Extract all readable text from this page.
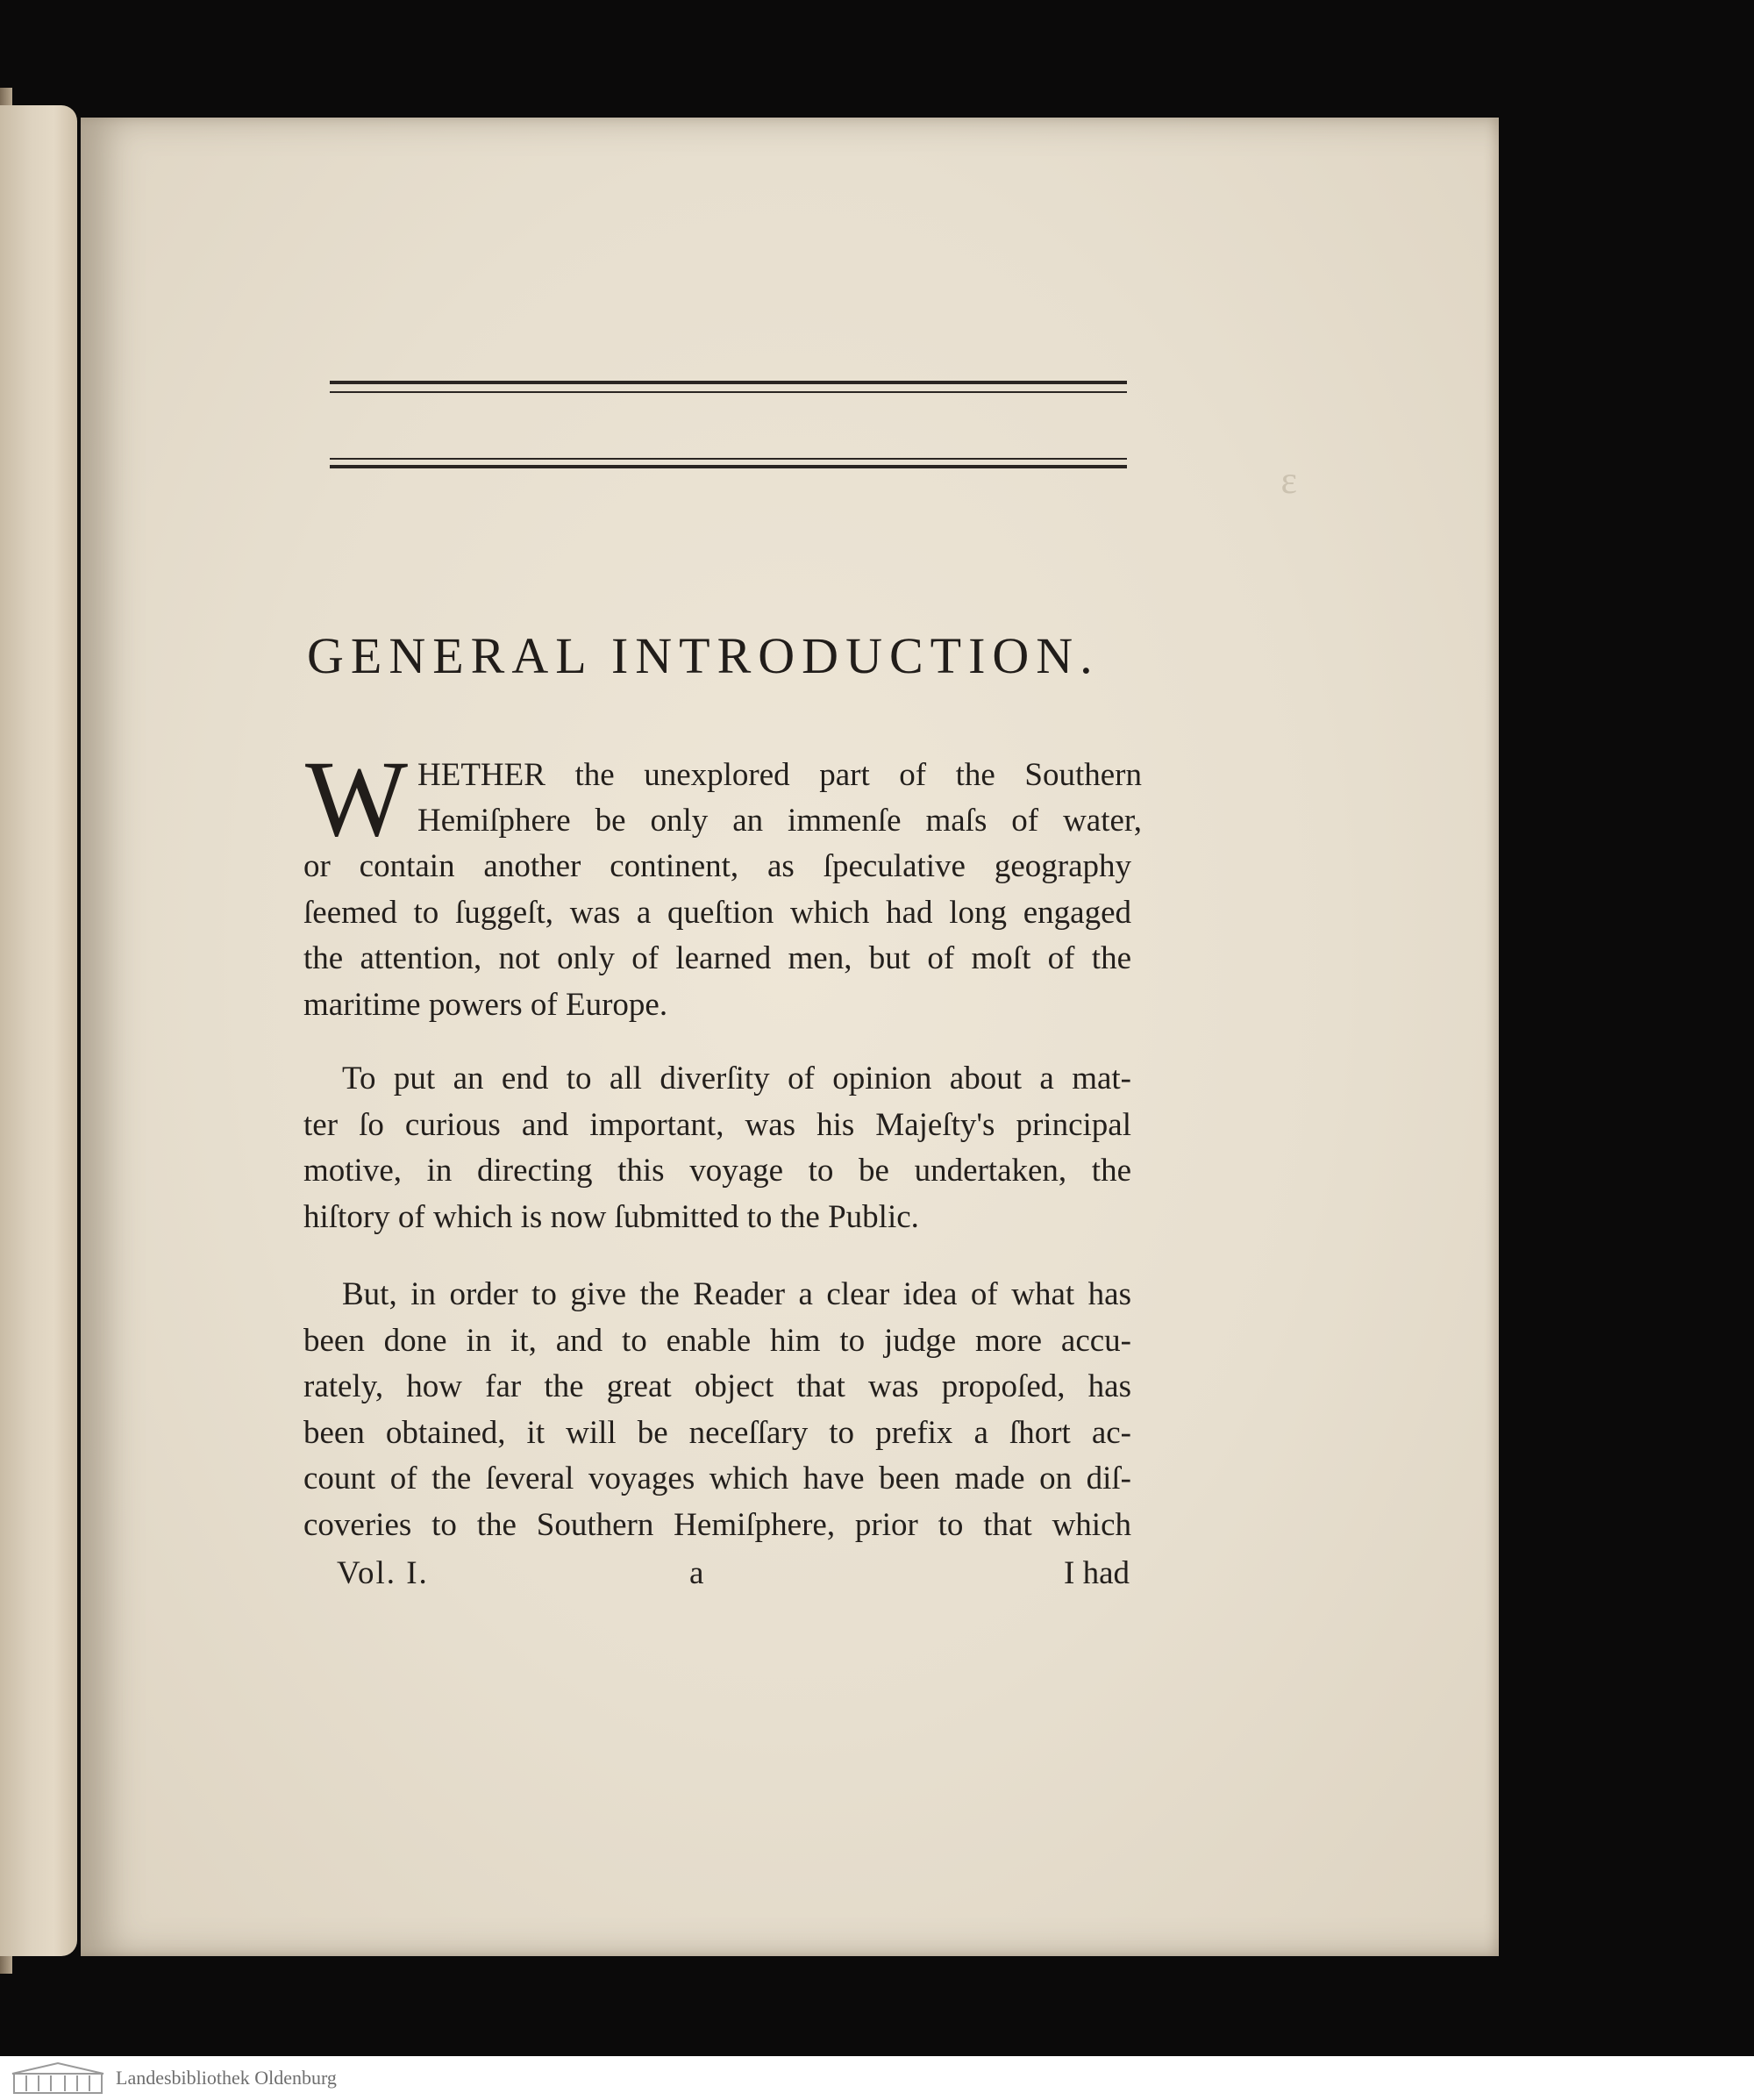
ε
GENERAL INTRODUCTION.
W HETHER the unexplored part of the Southern
Hemiſphere be only an immenſe maſs of water,
or contain another continent, as ſpeculative geography
ſeemed to ſuggeſt, was a queſtion which had long engaged
the attention, not only of learned men, but of moſt of the
maritime powers of Europe.
To put an end to all diverſity of opinion about a mat-
ter ſo curious and important, was his Majeſty's principal
motive, in directing this voyage to be undertaken, the
hiſtory of which is now ſubmitted to the Public.
But, in order to give the Reader a clear idea of what has
been done in it, and to enable him to judge more accu-
rately, how far the great object that was propoſed, has
been obtained, it will be neceſſary to prefix a ſhort ac-
count of the ſeveral voyages which have been made on diſ-
coveries to the Southern Hemiſphere, prior to that which
Vol. I.	a	I had
Landesbibliothek Oldenburg
